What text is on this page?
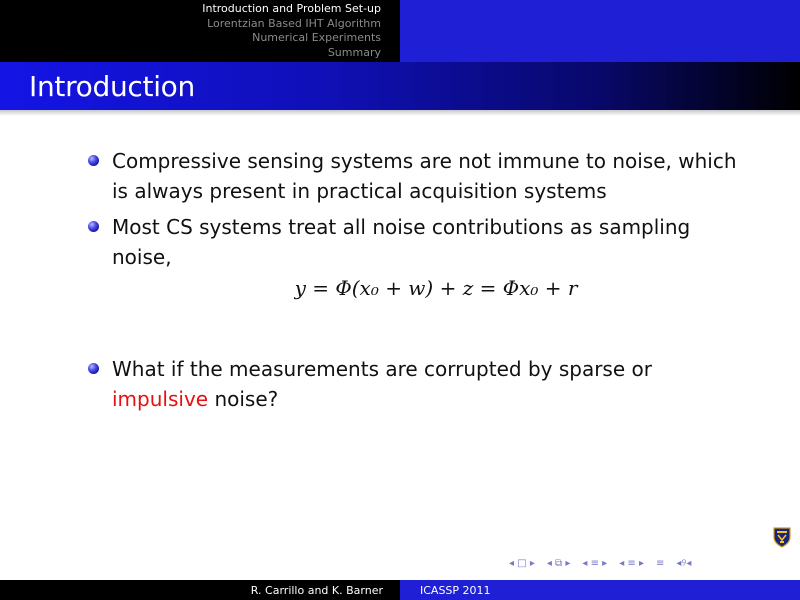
Introduction and Problem Set-up
Lorentzian Based IHT Algorithm
Numerical Experiments
Summary
Introduction
Compressive sensing systems are not immune to noise, which is always present in practical acquisition systems
Most CS systems treat all noise contributions as sampling noise,
y = Φ(x₀ + w) + z = Φx₀ + r
What if the measurements are corrupted by sparse or
impulsive noise?
◂ □ ▸ ◂ ⧉ ▸ ◂ ≡ ▸ ◂ ≡ ▸ ≡ ◂୨◂
R. Carrillo and K. Barner	ICASSP 2011
